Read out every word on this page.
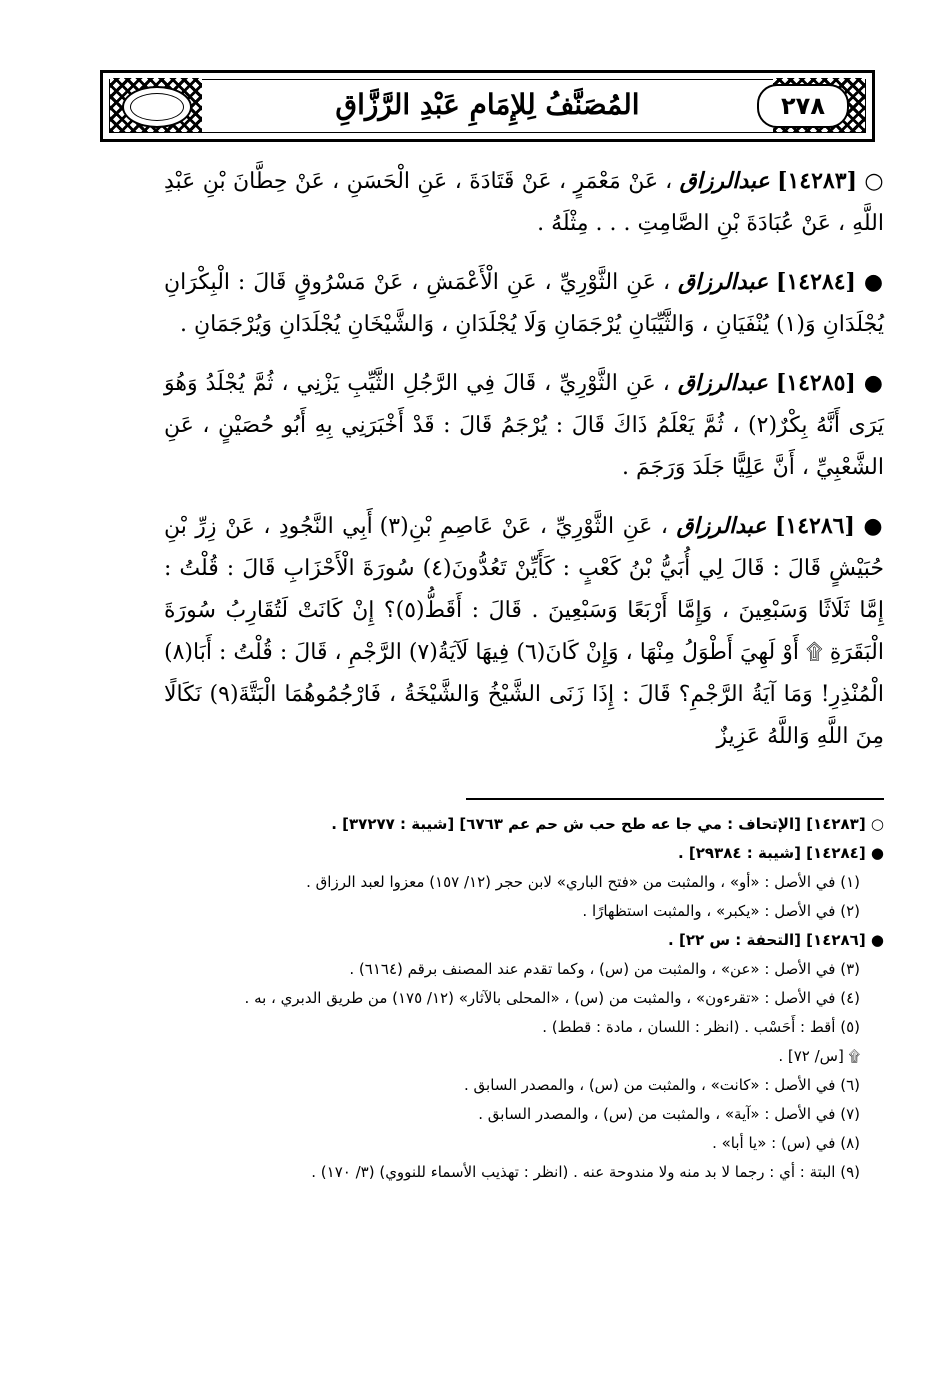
٢٧٨
المُصَنَّفُ لِلإِمَامِ عَبْدِ الرَّزَّاقِ

○ [١٤٢٨٣] عبدالرزاق ، عَنْ مَعْمَرٍ ، عَنْ قَتَادَةَ ، عَنِ الْحَسَنِ ، عَنْ حِطَّانَ بْنِ عَبْدِ اللَّهِ ، عَنْ عُبَادَةَ بْنِ الصَّامِتِ . . . مِثْلَهُ .

● [١٤٢٨٤] عبدالرزاق ، عَنِ الثَّوْرِيِّ ، عَنِ الْأَعْمَشِ ، عَنْ مَسْرُوقٍ قَالَ : الْبِكْرَانِ يُجْلَدَانِ وَ(١) يُنْفَيَانِ ، وَالثَّيِّبَانِ يُرْجَمَانِ وَلَا يُجْلَدَانِ ، وَالشَّيْخَانِ يُجْلَدَانِ وَيُرْجَمَانِ .

● [١٤٢٨٥] عبدالرزاق ، عَنِ الثَّوْرِيِّ ، قَالَ فِي الرَّجُلِ الثَّيِّبِ يَزْنِي ، ثُمَّ يُجْلَدُ وَهُوَ يَرَى أَنَّهُ بِكْرٌ(٢) ، ثُمَّ يَعْلَمُ ذَاكَ قَالَ : يُرْجَمُ قَالَ : قَدْ أَخْبَرَنِي بِهِ أَبُو حُصَيْنٍ ، عَنِ الشَّعْبِيِّ ، أَنَّ عَلِيًّا جَلَدَ وَرَجَمَ .

● [١٤٢٨٦] عبدالرزاق ، عَنِ الثَّوْرِيِّ ، عَنْ عَاصِمِ بْنِ(٣) أَبِي النَّجُودِ ، عَنْ زِرِّ بْنِ حُبَيْشٍ قَالَ : قَالَ لِي أُبَيُّ بْنُ كَعْبٍ : كَأَيِّنْ تَعُدُّونَ(٤) سُورَةَ الْأَحْزَابِ قَالَ : قُلْتُ : إِمَّا ثَلَاثًا وَسَبْعِينَ ، وَإِمَّا أَرْبَعًا وَسَبْعِينَ . قَالَ : أَقَطُّ(٥)؟ إِنْ كَانَتْ لَتُقَارِبُ سُورَةَ الْبَقَرَةِ ۩ أَوْ لَهِيَ أَطْوَلُ مِنْهَا ، وَإِنْ كَانَ(٦) فِيهَا لَآيَةُ(٧) الرَّجْمِ ، قَالَ : قُلْتُ : أَبَا(٨) الْمُنْذِرِ! وَمَا آيَةُ الرَّجْمِ؟ قَالَ : إِذَا زَنَى الشَّيْخُ وَالشَّيْخَةُ ، فَارْجُمُوهُمَا الْبَتَّةَ(٩) نَكَالًا مِنَ اللَّهِ وَاللَّهُ عَزِيزٌ

○ [١٤٢٨٣] [الإتحاف : مي جا عه طح حب ش حم عم ٦٧٦٣] [شيبة : ٣٧٢٧٧] .

● [١٤٢٨٤] [شيبة : ٢٩٣٨٤] .

(١) في الأصل : «أو» ، والمثبت من «فتح الباري» لابن حجر (١٢/ ١٥٧) معزوا لعبد الرزاق .

(٢) في الأصل : «يكبر» ، والمثبت استظهارًا .

● [١٤٢٨٦] [التحفة : س ٢٢] .

(٣) في الأصل : «عن» ، والمثبت من (س) ، وكما تقدم عند المصنف برقم (٦١٦٤) .

(٤) في الأصل : «تقرءون» ، والمثبت من (س) ، «المحلى بالآثار» (١٢/ ١٧٥) من طريق الدبري ، به .

(٥) أقط : أَحَسْب . (انظر : اللسان ، مادة : قطط) .

۩ [س/ ٧٢] .

(٦) في الأصل : «كانت» ، والمثبت من (س) ، والمصدر السابق .

(٧) في الأصل : «آية» ، والمثبت من (س) ، والمصدر السابق .

(٨) في (س) : «يا أبا» .

(٩) البتة : أي : رجما لا بد منه ولا مندوحة عنه . (انظر : تهذيب الأسماء للنووي) (٣/ ١٧٠) .
